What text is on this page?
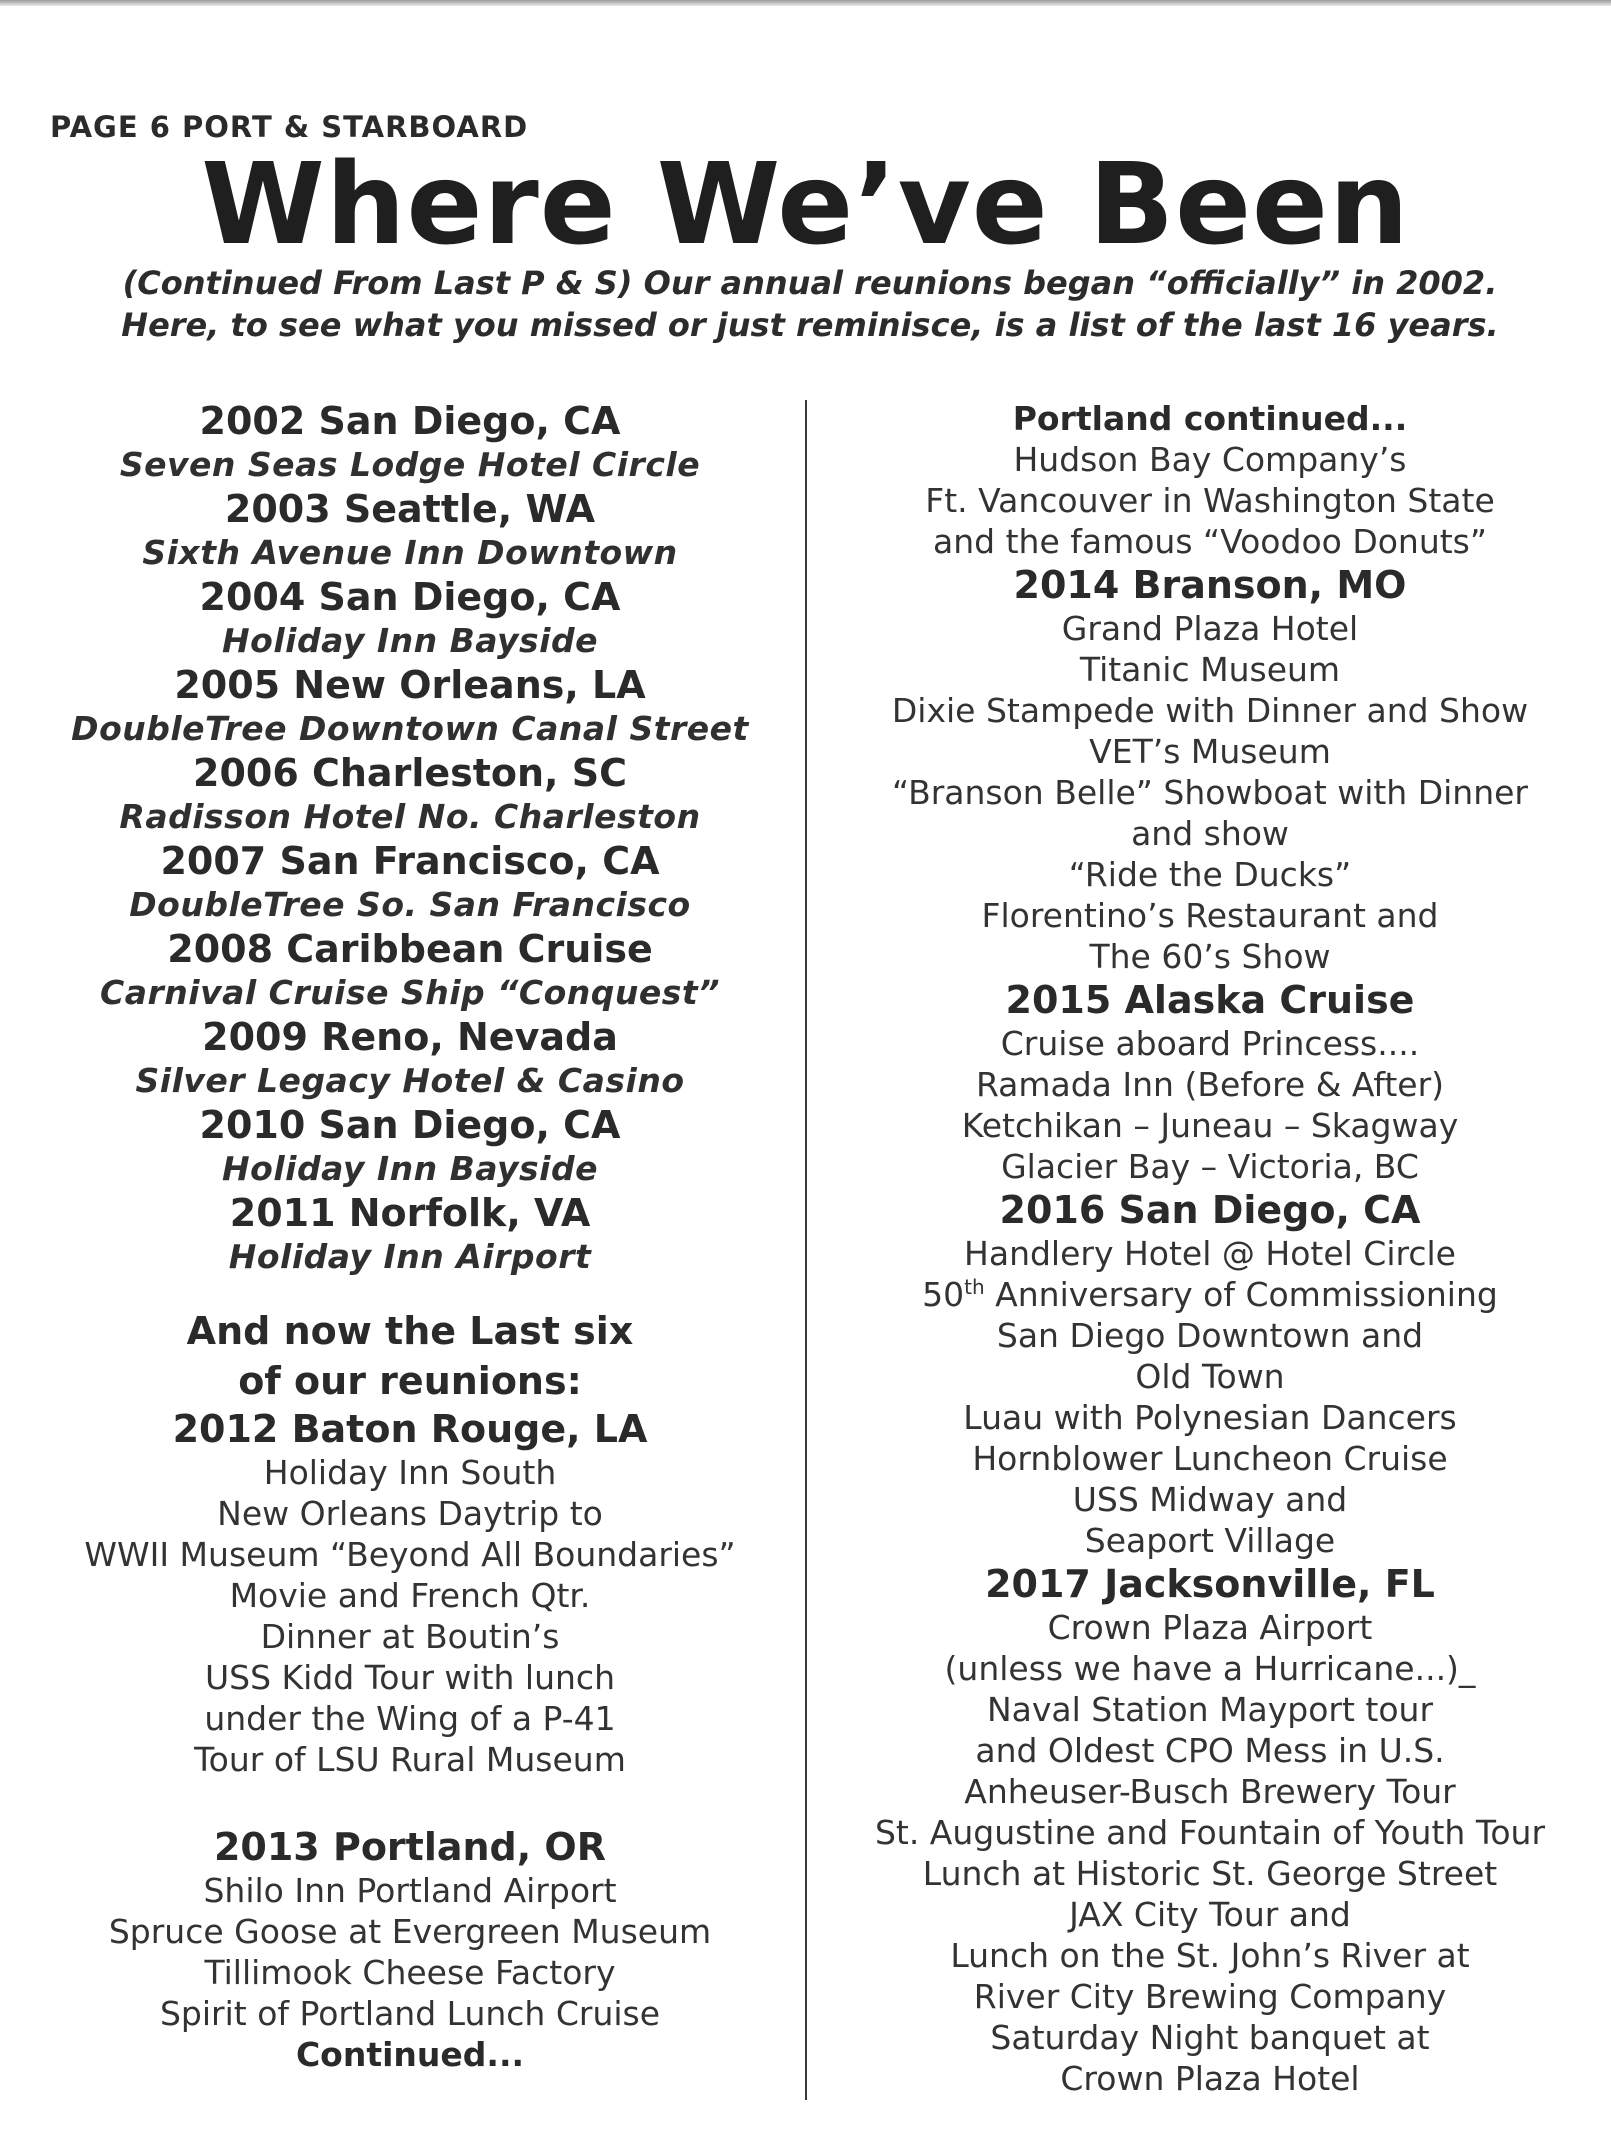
PAGE 6 PORT & STARBOARD
Where We’ve Been
(Continued From Last P & S) Our annual reunions began “officially” in 2002.
Here, to see what you missed or just reminisce, is a list of the last 16 years.
2002 San Diego, CA
Seven Seas Lodge Hotel Circle
2003 Seattle, WA
Sixth Avenue Inn Downtown
2004 San Diego, CA
Holiday Inn Bayside
2005 New Orleans, LA
DoubleTree Downtown Canal Street
2006 Charleston, SC
Radisson Hotel No. Charleston
2007 San Francisco, CA
DoubleTree So. San Francisco
2008 Caribbean Cruise
Carnival Cruise Ship “Conquest”
2009 Reno, Nevada
Silver Legacy Hotel & Casino
2010 San Diego, CA
Holiday Inn Bayside
2011 Norfolk, VA
Holiday Inn Airport
And now the Last six
of our reunions:
2012 Baton Rouge, LA
Holiday Inn South
New Orleans Daytrip to
WWII Museum “Beyond All Boundaries”
Movie and French Qtr.
Dinner at Boutin’s
USS Kidd Tour with lunch
under the Wing of a P-41
Tour of LSU Rural Museum
2013 Portland, OR
Shilo Inn Portland Airport
Spruce Goose at Evergreen Museum
Tillimook Cheese Factory
Spirit of Portland Lunch Cruise
Continued...
Portland continued...
Hudson Bay Company’s
Ft. Vancouver in Washington State
and the famous “Voodoo Donuts”
2014 Branson, MO
Grand Plaza Hotel
Titanic Museum
Dixie Stampede with Dinner and Show
VET’s Museum
“Branson Belle” Showboat with Dinner
and show
“Ride the Ducks”
Florentino’s Restaurant and
The 60’s Show
2015 Alaska Cruise
Cruise aboard Princess....
Ramada Inn (Before & After)
Ketchikan – Juneau – Skagway
Glacier Bay – Victoria, BC
2016 San Diego, CA
Handlery Hotel @ Hotel Circle
50th Anniversary of Commissioning
San Diego Downtown and
Old Town
Luau with Polynesian Dancers
Hornblower Luncheon Cruise
USS Midway and
Seaport Village
2017 Jacksonville, FL
Crown Plaza Airport
(unless we have a Hurricane...)_
Naval Station Mayport tour
and Oldest CPO Mess in U.S.
Anheuser-Busch Brewery Tour
St. Augustine and Fountain of Youth Tour
Lunch at Historic St. George Street
JAX City Tour and
Lunch on the St. John’s River at
River City Brewing Company
Saturday Night banquet at
Crown Plaza Hotel
